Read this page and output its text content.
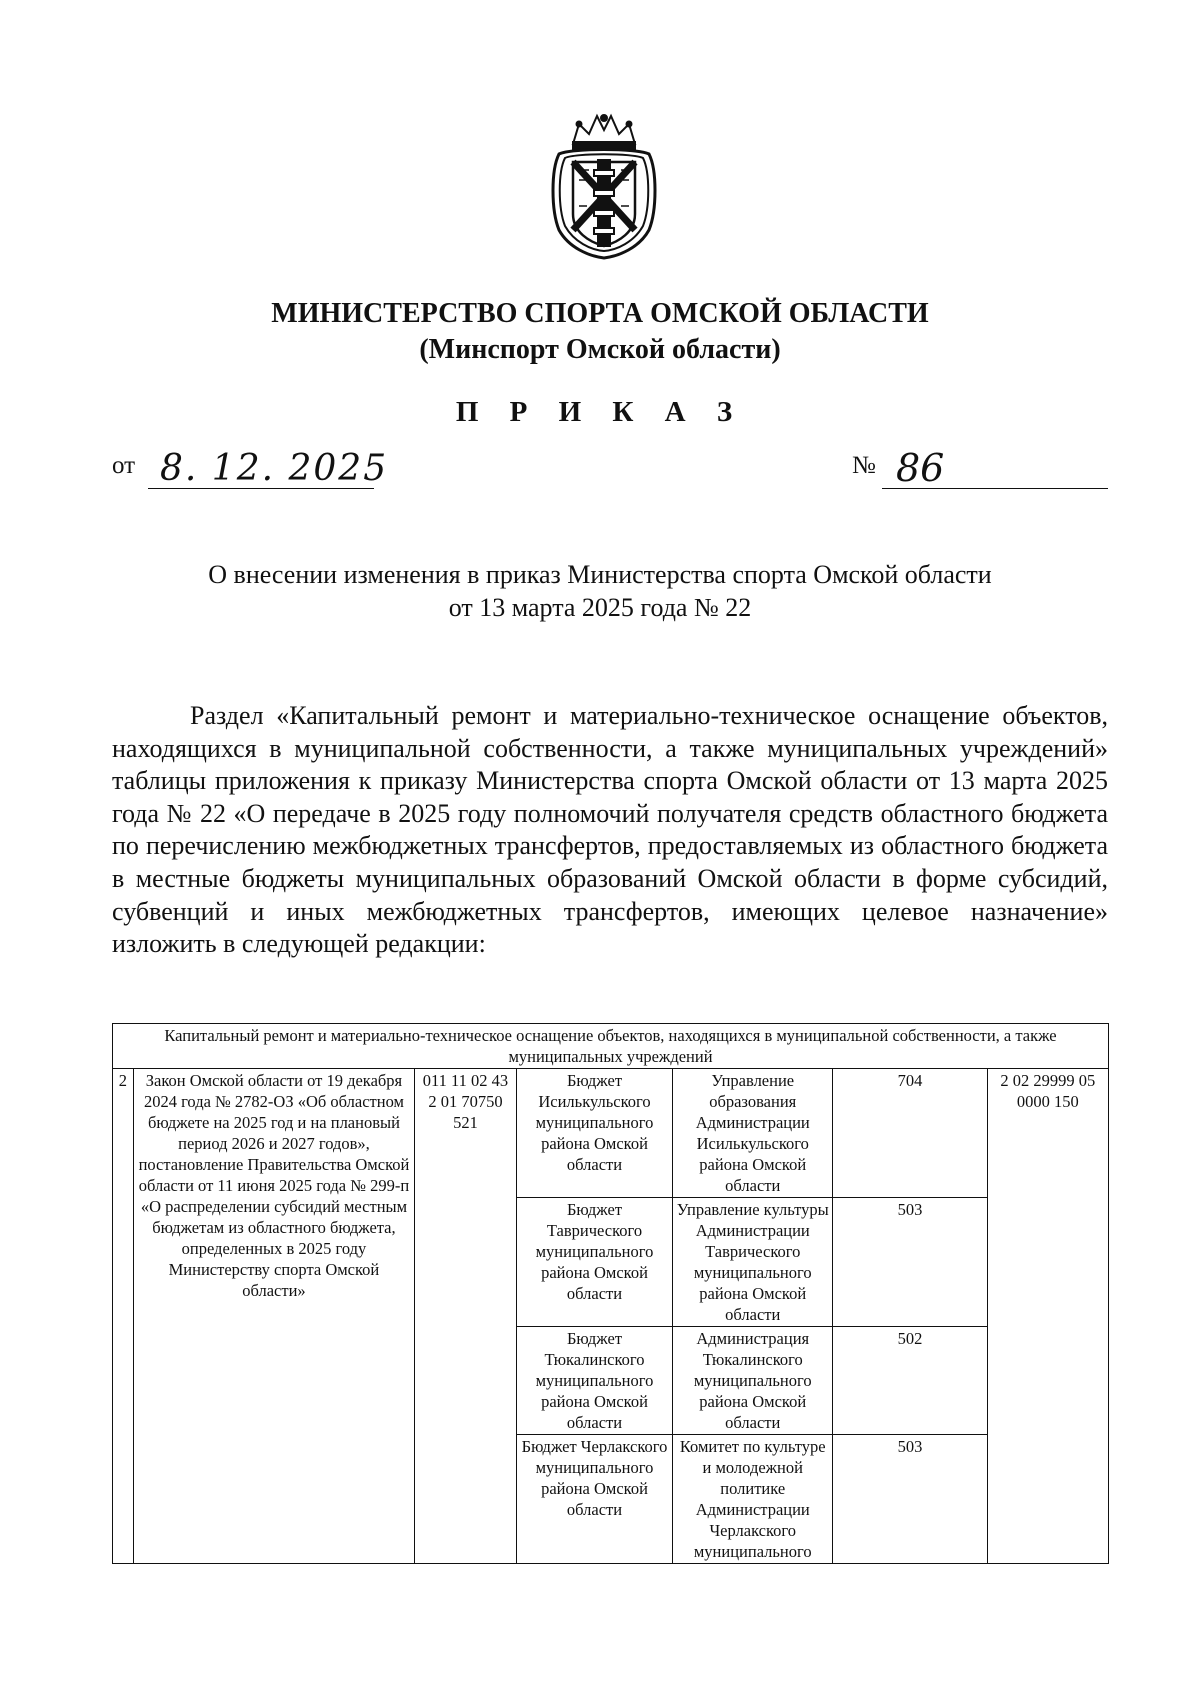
МИНИСТЕРСТВО СПОРТА ОМСКОЙ ОБЛАСТИ
(Минспорт Омской области)
П Р И К А З
от 8. 12. 2025	№ 86
О внесении изменения в приказ Министерства спорта Омской области
от 13 марта 2025 года № 22

Раздел «Капитальный ремонт и материально-техническое оснащение объектов, находящихся в муниципальной собственности, а также муниципальных учреждений» таблицы приложения к приказу Министерства спорта Омской области от 13 марта 2025 года № 22 «О передаче в 2025 году полномочий получателя средств областного бюджета по перечислению межбюджетных трансфертов, предоставляемых из областного бюджета в местные бюджеты муниципальных образований Омской области в форме субсидий, субвенций и иных межбюджетных трансфертов, имеющих целевое назначение» изложить в следующей редакции:

Капитальный ремонт и материально-техническое оснащение объектов, находящихся в муниципальной собственности, а также муниципальных учреждений						
2	Закон Омской области от 19 декабря 2024 года № 2782-ОЗ «Об областном бюджете на 2025 год и на плановый период 2026 и 2027 годов», постановление Правительства Омской области от 11 июня 2025 года № 299-п «О распределении субсидий местным бюджетам из областного бюджета, определенных в 2025 году Министерству спорта Омской области»	011 11 02 43 2 01 70750 521	Бюджет Исилькульского муниципального района Омской области	Управление образования Администрации Исилькульского района Омской области	704	2 02 29999 05 0000 150
			Бюджет Таврического муниципального района Омской области	Управление культуры Администрации Таврического муниципального района Омской области	503	
			Бюджет Тюкалинского муниципального района Омской области	Администрация Тюкалинского муниципального района Омской области	502	
			Бюджет Черлакского муниципального района Омской области	Комитет по культуре и молодежной политике Администрации Черлакского муниципального	503	
